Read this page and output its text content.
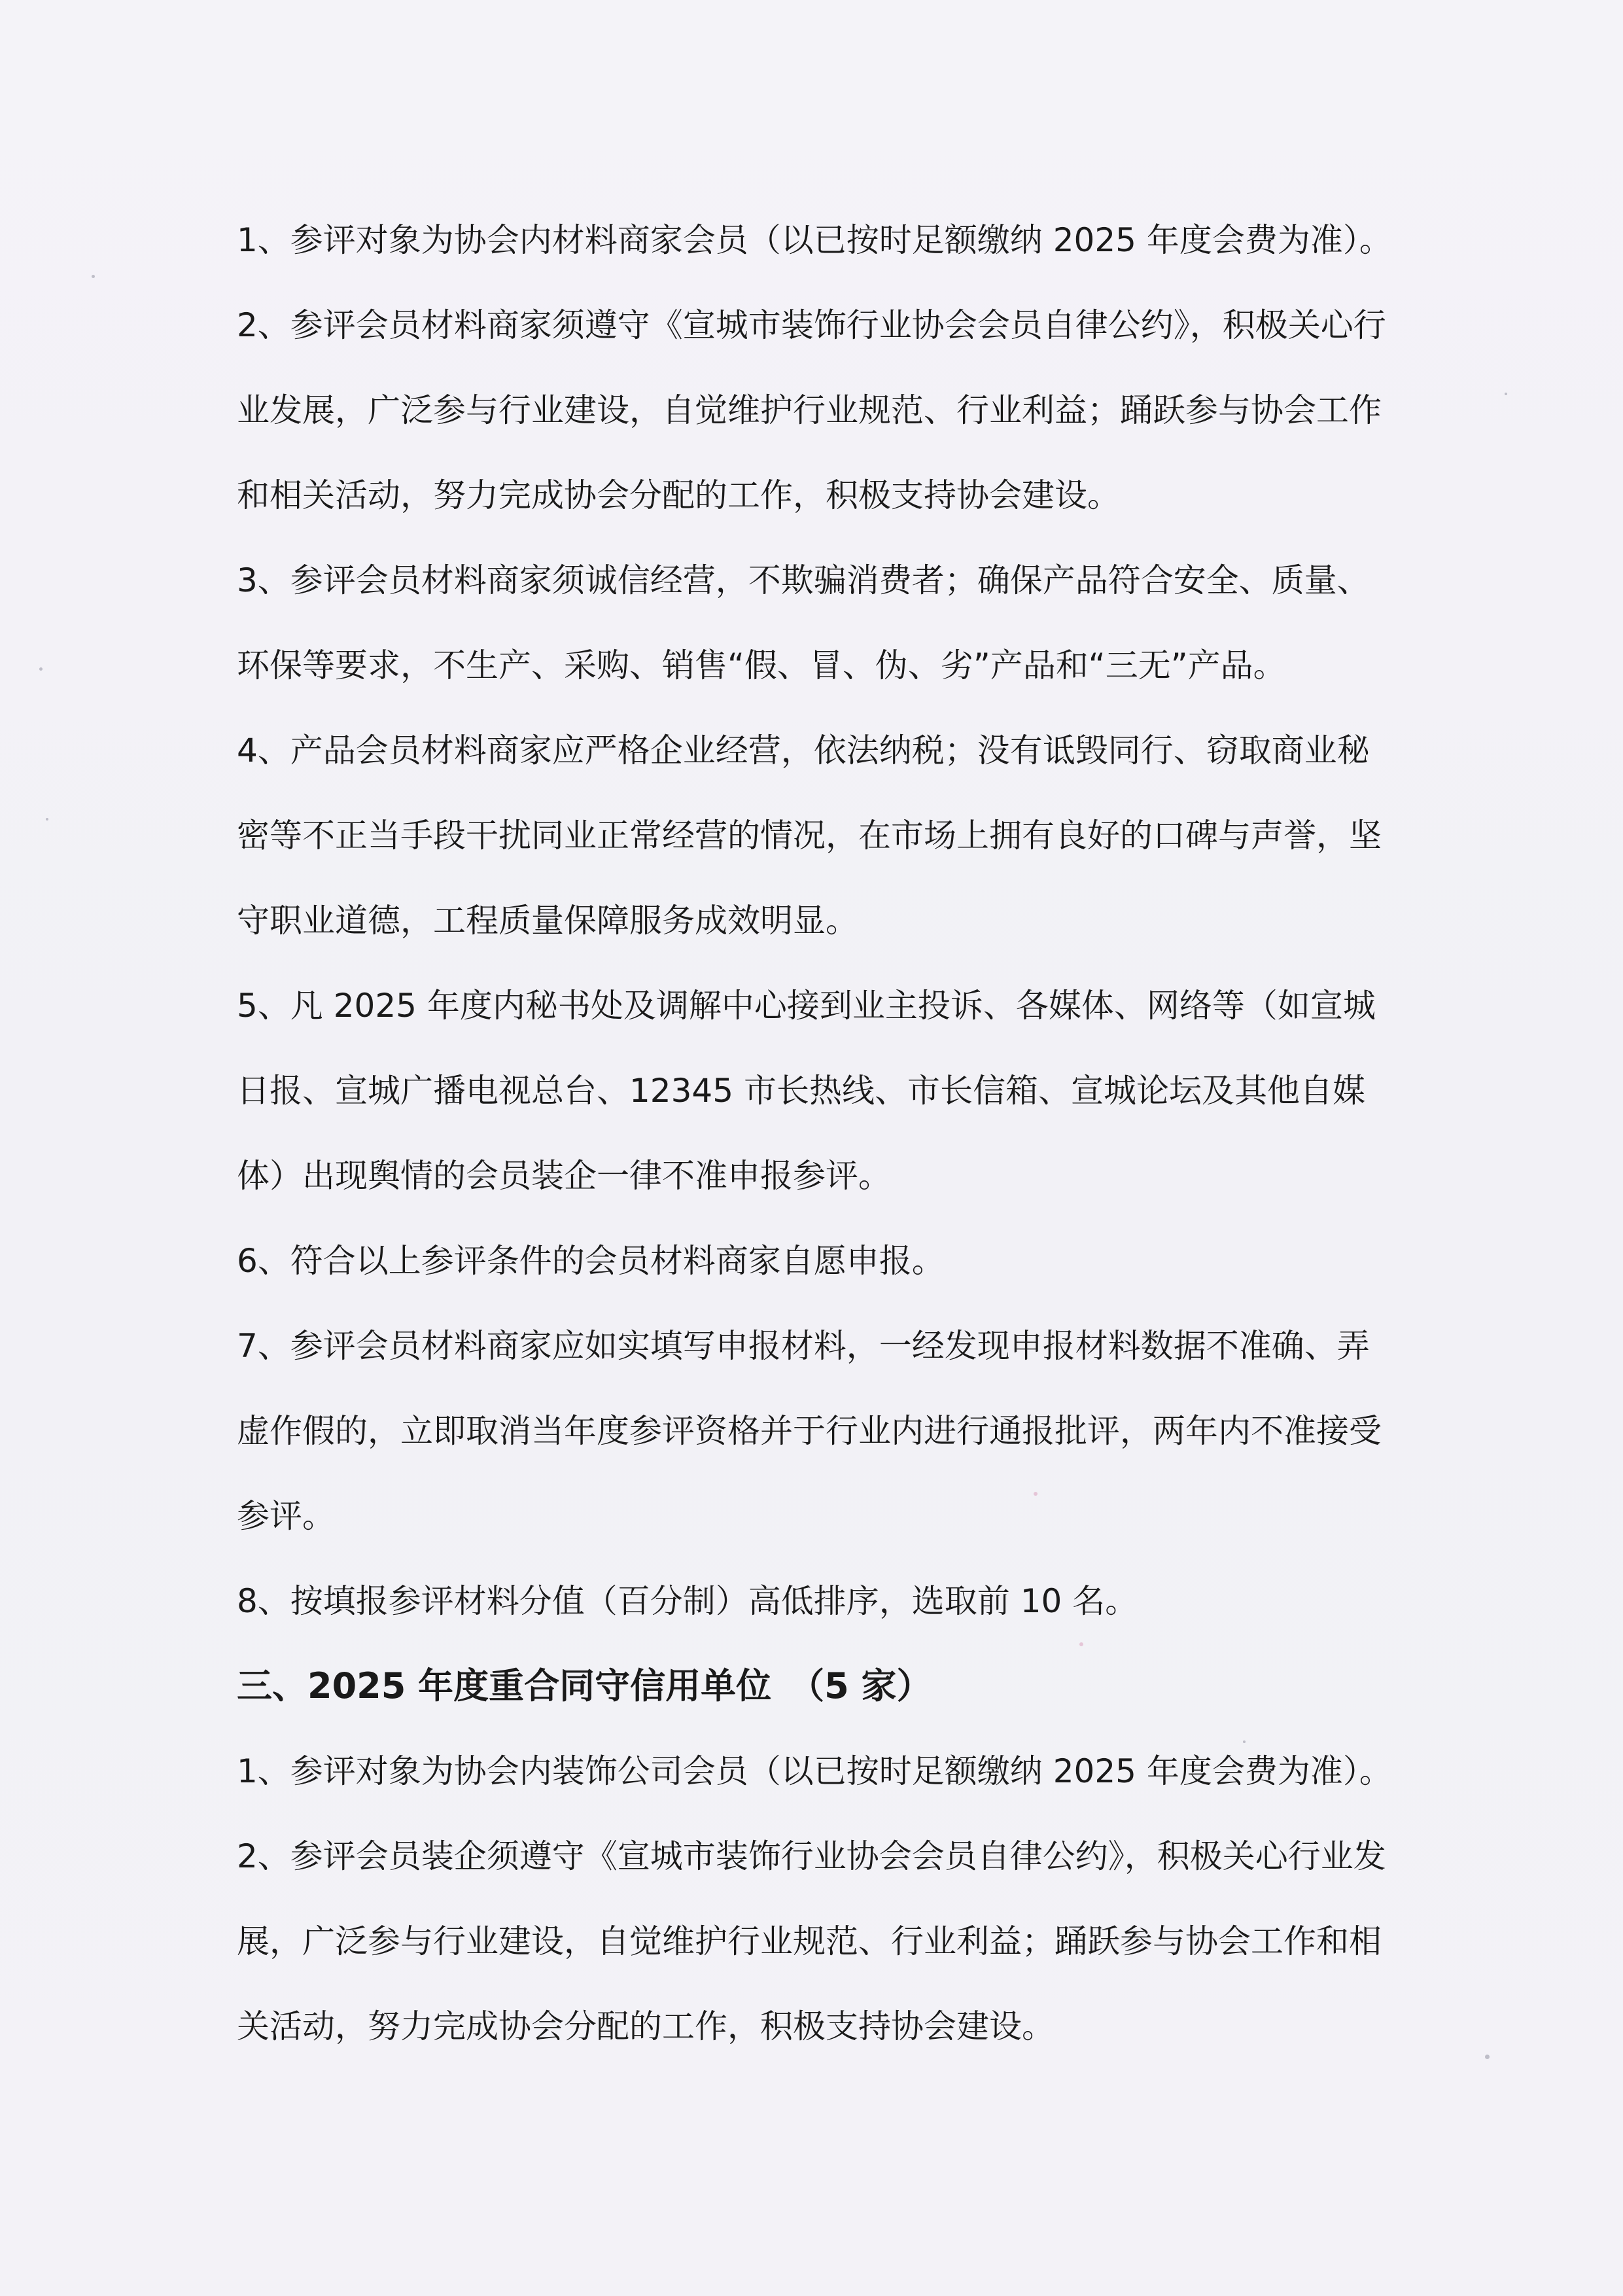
1、参评对象为协会内材料商家会员（以已按时足额缴纳 2025 年度会费为准）。
2、参评会员材料商家须遵守《宣城市装饰行业协会会员自律公约》，积极关心行
业发展，广泛参与行业建设，自觉维护行业规范、行业利益；踊跃参与协会工作
和相关活动，努力完成协会分配的工作，积极支持协会建设。
3、参评会员材料商家须诚信经营，不欺骗消费者；确保产品符合安全、质量、
环保等要求，不生产、采购、销售“假、冒、伪、劣”产品和“三无”产品。
4、产品会员材料商家应严格企业经营，依法纳税；没有诋毁同行、窃取商业秘
密等不正当手段干扰同业正常经营的情况，在市场上拥有良好的口碑与声誉，坚
守职业道德，工程质量保障服务成效明显。
5、凡 2025 年度内秘书处及调解中心接到业主投诉、各媒体、网络等（如宣城
日报、宣城广播电视总台、12345 市长热线、市长信箱、宣城论坛及其他自媒
体）出现舆情的会员装企一律不准申报参评。
6、符合以上参评条件的会员材料商家自愿申报。
7、参评会员材料商家应如实填写申报材料，一经发现申报材料数据不准确、弄
虚作假的，立即取消当年度参评资格并于行业内进行通报批评，两年内不准接受
参评。
8、按填报参评材料分值（百分制）高低排序，选取前 10 名。
三、2025 年度重合同守信用单位　（5 家）
1、参评对象为协会内装饰公司会员（以已按时足额缴纳 2025 年度会费为准）。
2、参评会员装企须遵守《宣城市装饰行业协会会员自律公约》，积极关心行业发
展，广泛参与行业建设，自觉维护行业规范、行业利益；踊跃参与协会工作和相
关活动，努力完成协会分配的工作，积极支持协会建设。
